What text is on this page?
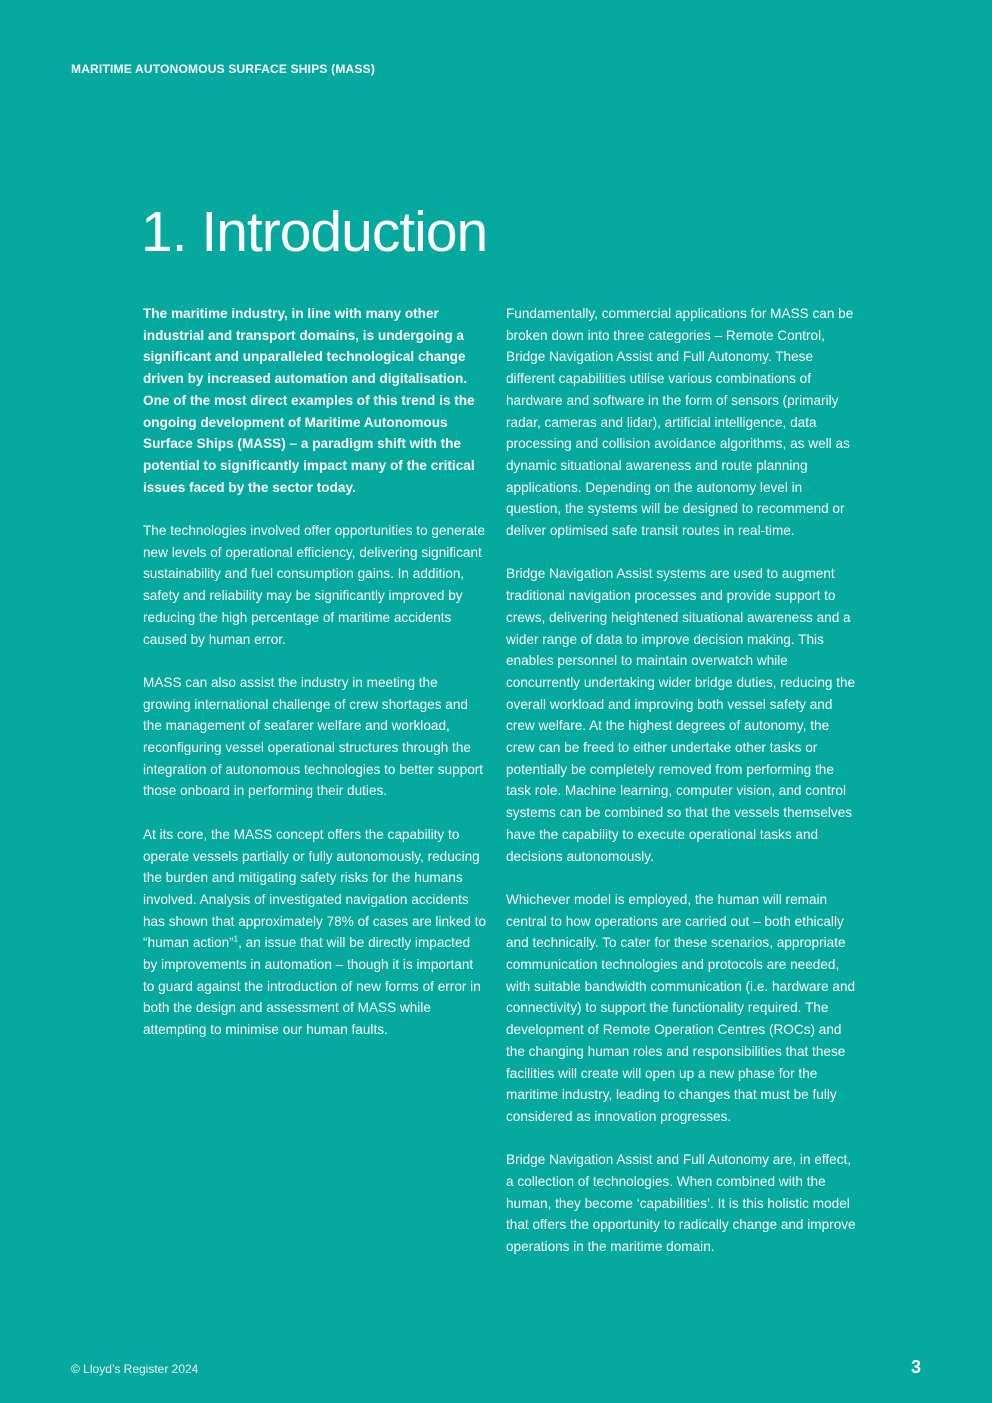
MARITIME AUTONOMOUS SURFACE SHIPS (MASS)
1. Introduction

The maritime industry, in line with many other industrial and transport domains, is undergoing a significant and unparalleled technological change driven by increased automation and digitalisation. One of the most direct examples of this trend is the ongoing development of Maritime Autonomous Surface Ships (MASS) – a paradigm shift with the potential to significantly impact many of the critical issues faced by the sector today.

The technologies involved offer opportunities to generate new levels of operational efficiency, delivering significant sustainability and fuel consumption gains. In addition, safety and reliability may be significantly improved by reducing the high percentage of maritime accidents caused by human error.

MASS can also assist the industry in meeting the growing international challenge of crew shortages and the management of seafarer welfare and workload, reconfiguring vessel operational structures through the integration of autonomous technologies to better support those onboard in performing their duties.

At its core, the MASS concept offers the capability to operate vessels partially or fully autonomously, reducing the burden and mitigating safety risks for the humans involved. Analysis of investigated navigation accidents has shown that approximately 78% of cases are linked to “human action”$^1$, an issue that will be directly impacted by improvements in automation – though it is important to guard against the introduction of new forms of error in both the design and assessment of MASS while attempting to minimise our human faults.

Fundamentally, commercial applications for MASS can be broken down into three categories – Remote Control, Bridge Navigation Assist and Full Autonomy. These different capabilities utilise various combinations of hardware and software in the form of sensors (primarily radar, cameras and lidar), artificial intelligence, data processing and collision avoidance algorithms, as well as dynamic situational awareness and route planning applications. Depending on the autonomy level in question, the systems will be designed to recommend or deliver optimised safe transit routes in real-time.

Bridge Navigation Assist systems are used to augment traditional navigation processes and provide support to crews, delivering heightened situational awareness and a wider range of data to improve decision making. This enables personnel to maintain overwatch while concurrently undertaking wider bridge duties, reducing the overall workload and improving both vessel safety and crew welfare. At the highest degrees of autonomy, the crew can be freed to either undertake other tasks or potentially be completely removed from performing the task role. Machine learning, computer vision, and control systems can be combined so that the vessels themselves have the capability to execute operational tasks and decisions autonomously.

Whichever model is employed, the human will remain central to how operations are carried out – both ethically and technically. To cater for these scenarios, appropriate communication technologies and protocols are needed, with suitable bandwidth communication (i.e. hardware and connectivity) to support the functionality required. The development of Remote Operation Centres (ROCs) and the changing human roles and responsibilities that these facilities will create will open up a new phase for the maritime industry, leading to changes that must be fully considered as innovation progresses.

Bridge Navigation Assist and Full Autonomy are, in effect, a collection of technologies. When combined with the human, they become ‘capabilities’. It is this holistic model that offers the opportunity to radically change and improve operations in the maritime domain.

© Lloyd’s Register 2024	3
